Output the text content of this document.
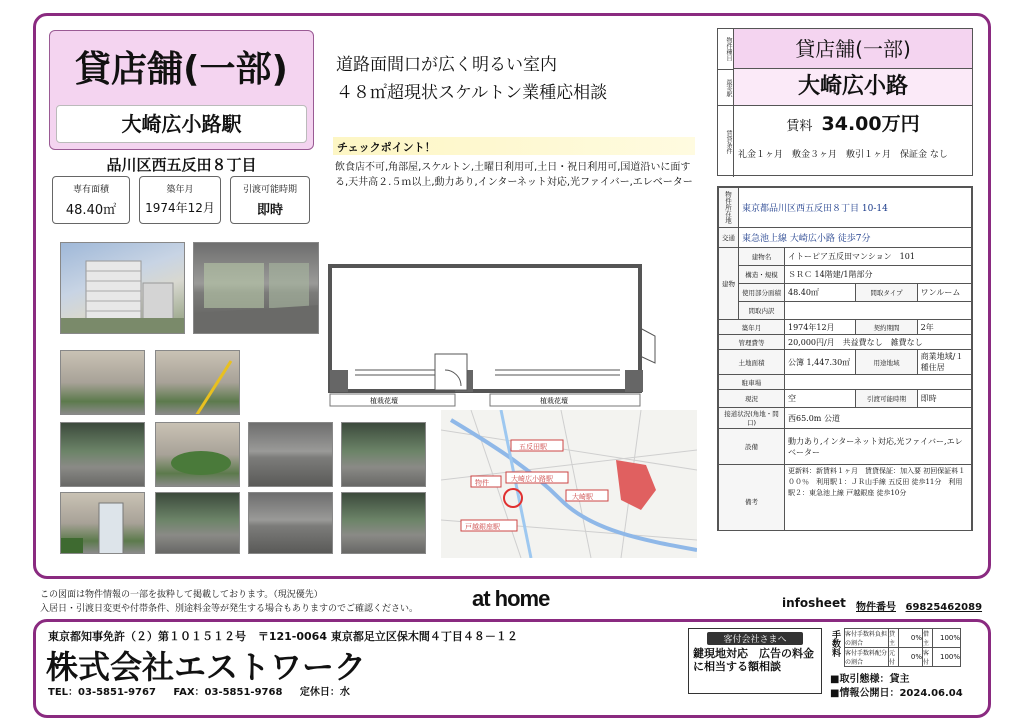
貸店舗(一部)
大崎広小路駅
品川区西五反田８丁目
専有面積
48.40㎡
築年月
1974年12月
引渡可能時期
即時
道路面間口が広く明るい室内
４８㎡超現状スケルトン業種応相談
チェックポイント！
飲食店不可,角部屋,スケルトン,土曜日利用可,土日・祝日利用可,国道沿いに面する,天井高２.５ｍ以上,動力あり,インターネット対応,光ファイバー,エレベーター
植栽花壇	植栽花壇
五反田駅
大崎広小路駅
大崎駅
物件
戸越銀座駅
物件種目	貸店舗(一部)
最寄駅	大崎広小路
賃貸条件
賃料 34.00万円
礼金１ヶ月　敷金３ヶ月　敷引１ヶ月　保証金 なし
物件所在地	東京都品川区西五反田８丁目 10-14			
交通	東急池上線 大崎広小路 徒歩7分			
建物	建物名	イトーピア五反田マンション　101		
	構造・規模	ＳＲＣ 14階建/1階部分		
	使用部分面積	48.40㎡	間取タイプ	ワンルーム
	間取内訳			
築年月		1974年12月	契約期間	2年
管理費等		20,000円/月　共益費なし　雑費なし		
土地面積		公簿 1,447.30㎡	用途地域	商業地域/１種住居
駐車場				
現況		空	引渡可能時期	即時
接道状況(角地・間口)		西65.0m 公道		
設備		動力あり,インターネット対応,光ファイバー,エレベーター		
備考		更新料：新賃料１ヶ月　賃貸保証：加入要 初回保証料１００％　利用駅１：ＪＲ山手線 五反田 徒歩11分　利用駅２：東急池上線 戸越銀座 徒歩10分		
この図面は物件情報の一部を抜粋して掲載しております。（現況優先）
入居日・引渡日変更や付帯条件、別途料金等が発生する場合もありますのでご確認ください。 at home	infosheet 物件番号 69825462089
東京都知事免許（２）第１０１５１２号 〒121-0064 東京都足立区保木間４丁目４８－１２
株式会社エストワーク
TEL：03-5851-9767 FAX：03-5851-9768 定休日：水
客付会社さまへ
鍵現地対応　広告の料金に相当する額相談
手数料 客付手数料負担の割合	貸主	0%	借主	100%
客付手数料配分の割合	元付	0%	客付	100%
■取引態様：貸主
■情報公開日：2024.06.04
